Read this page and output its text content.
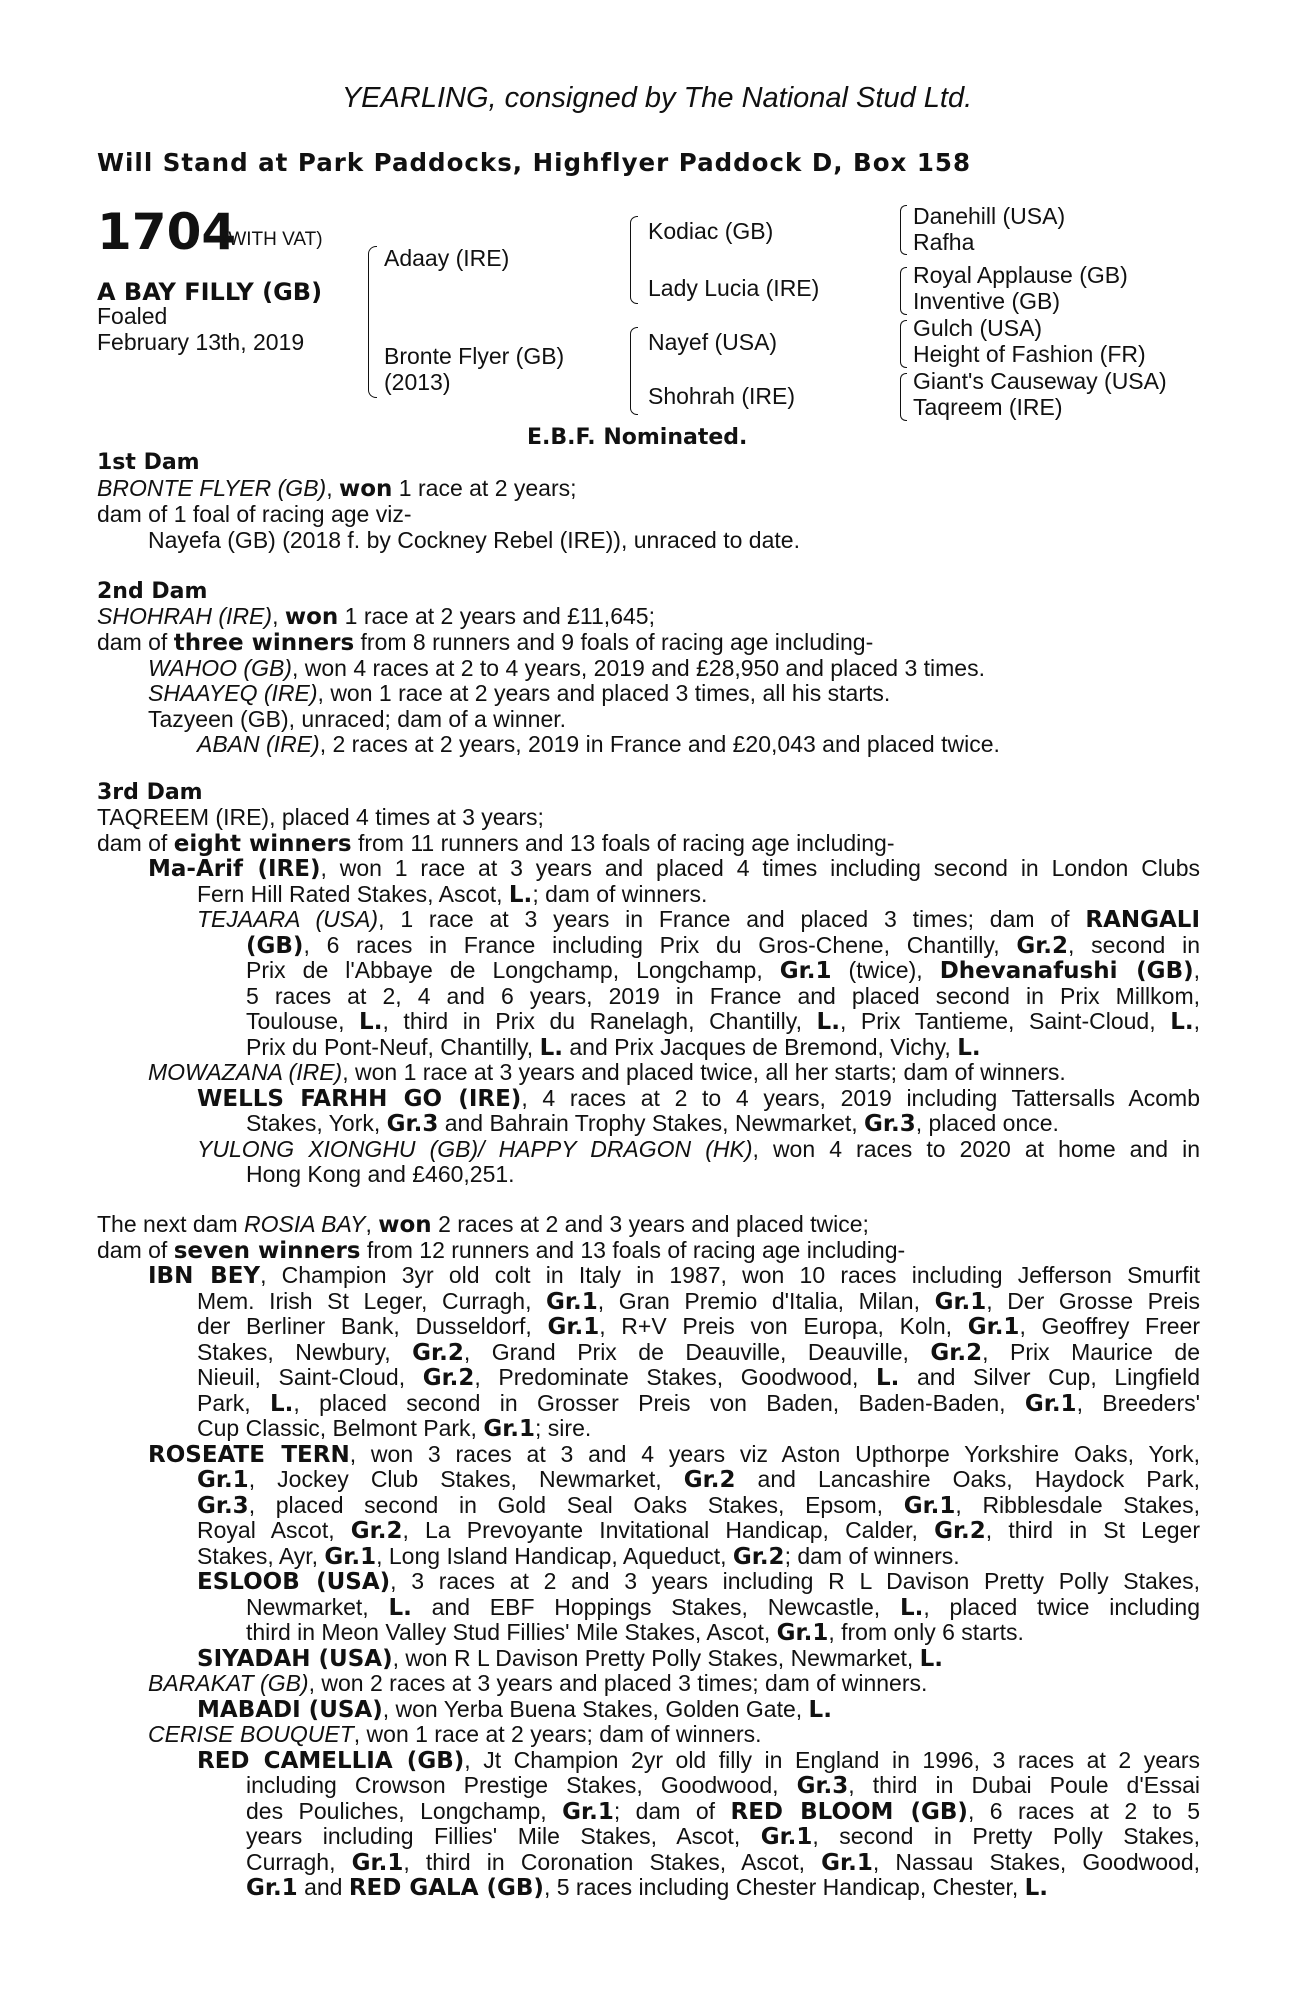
YEARLING, consigned by The National Stud Ltd.
Will Stand at Park Paddocks, Highflyer Paddock D, Box 158
1704
(WITH VAT)
A BAY FILLY (GB)
Foaled
February 13th, 2019
Adaay (IRE)
Bronte Flyer (GB)
(2013)
Kodiac (GB)
Lady Lucia (IRE)
Nayef (USA)
Shohrah (IRE)
Danehill (USA)
Rafha
Royal Applause (GB)
Inventive (GB)
Gulch (USA)
Height of Fashion (FR)
Giant's Causeway (USA)
Taqreem (IRE)
E.B.F. Nominated.
1st Dam
BRONTE FLYER (GB), won 1 race at 2 years;
dam of 1 foal of racing age viz-
Nayefa (GB) (2018 f. by Cockney Rebel (IRE)), unraced to date.
2nd Dam
SHOHRAH (IRE), won 1 race at 2 years and £11,645;
dam of three winners from 8 runners and 9 foals of racing age including-
WAHOO (GB), won 4 races at 2 to 4 years, 2019 and £28,950 and placed 3 times.
SHAAYEQ (IRE), won 1 race at 2 years and placed 3 times, all his starts.
Tazyeen (GB), unraced; dam of a winner.
ABAN (IRE), 2 races at 2 years, 2019 in France and £20,043 and placed twice.
3rd Dam
TAQREEM (IRE), placed 4 times at 3 years;
dam of eight winners from 11 runners and 13 foals of racing age including-
Ma-Arif (IRE), won 1 race at 3 years and placed 4 times including second in London Clubs
Fern Hill Rated Stakes, Ascot, L.; dam of winners.
TEJAARA (USA), 1 race at 3 years in France and placed 3 times; dam of RANGALI
(GB), 6 races in France including Prix du Gros-Chene, Chantilly, Gr.2, second in
Prix de l'Abbaye de Longchamp, Longchamp, Gr.1 (twice), Dhevanafushi (GB),
5 races at 2, 4 and 6 years, 2019 in France and placed second in Prix Millkom,
Toulouse, L., third in Prix du Ranelagh, Chantilly, L., Prix Tantieme, Saint-Cloud, L.,
Prix du Pont-Neuf, Chantilly, L. and Prix Jacques de Bremond, Vichy, L.
MOWAZANA (IRE), won 1 race at 3 years and placed twice, all her starts; dam of winners.
WELLS FARHH GO (IRE), 4 races at 2 to 4 years, 2019 including Tattersalls Acomb
Stakes, York, Gr.3 and Bahrain Trophy Stakes, Newmarket, Gr.3, placed once.
YULONG XIONGHU (GB)/ HAPPY DRAGON (HK), won 4 races to 2020 at home and in
Hong Kong and £460,251.
The next dam ROSIA BAY, won 2 races at 2 and 3 years and placed twice;
dam of seven winners from 12 runners and 13 foals of racing age including-
IBN BEY, Champion 3yr old colt in Italy in 1987, won 10 races including Jefferson Smurfit
Mem. Irish St Leger, Curragh, Gr.1, Gran Premio d'Italia, Milan, Gr.1, Der Grosse Preis
der Berliner Bank, Dusseldorf, Gr.1, R+V Preis von Europa, Koln, Gr.1, Geoffrey Freer
Stakes, Newbury, Gr.2, Grand Prix de Deauville, Deauville, Gr.2, Prix Maurice de
Nieuil, Saint-Cloud, Gr.2, Predominate Stakes, Goodwood, L. and Silver Cup, Lingfield
Park, L., placed second in Grosser Preis von Baden, Baden-Baden, Gr.1, Breeders'
Cup Classic, Belmont Park, Gr.1; sire.
ROSEATE TERN, won 3 races at 3 and 4 years viz Aston Upthorpe Yorkshire Oaks, York,
Gr.1, Jockey Club Stakes, Newmarket, Gr.2 and Lancashire Oaks, Haydock Park,
Gr.3, placed second in Gold Seal Oaks Stakes, Epsom, Gr.1, Ribblesdale Stakes,
Royal Ascot, Gr.2, La Prevoyante Invitational Handicap, Calder, Gr.2, third in St Leger
Stakes, Ayr, Gr.1, Long Island Handicap, Aqueduct, Gr.2; dam of winners.
ESLOOB (USA), 3 races at 2 and 3 years including R L Davison Pretty Polly Stakes,
Newmarket, L. and EBF Hoppings Stakes, Newcastle, L., placed twice including
third in Meon Valley Stud Fillies' Mile Stakes, Ascot, Gr.1, from only 6 starts.
SIYADAH (USA), won R L Davison Pretty Polly Stakes, Newmarket, L.
BARAKAT (GB), won 2 races at 3 years and placed 3 times; dam of winners.
MABADI (USA), won Yerba Buena Stakes, Golden Gate, L.
CERISE BOUQUET, won 1 race at 2 years; dam of winners.
RED CAMELLIA (GB), Jt Champion 2yr old filly in England in 1996, 3 races at 2 years
including Crowson Prestige Stakes, Goodwood, Gr.3, third in Dubai Poule d'Essai
des Pouliches, Longchamp, Gr.1; dam of RED BLOOM (GB), 6 races at 2 to 5
years including Fillies' Mile Stakes, Ascot, Gr.1, second in Pretty Polly Stakes,
Curragh, Gr.1, third in Coronation Stakes, Ascot, Gr.1, Nassau Stakes, Goodwood,
Gr.1 and RED GALA (GB), 5 races including Chester Handicap, Chester, L.
